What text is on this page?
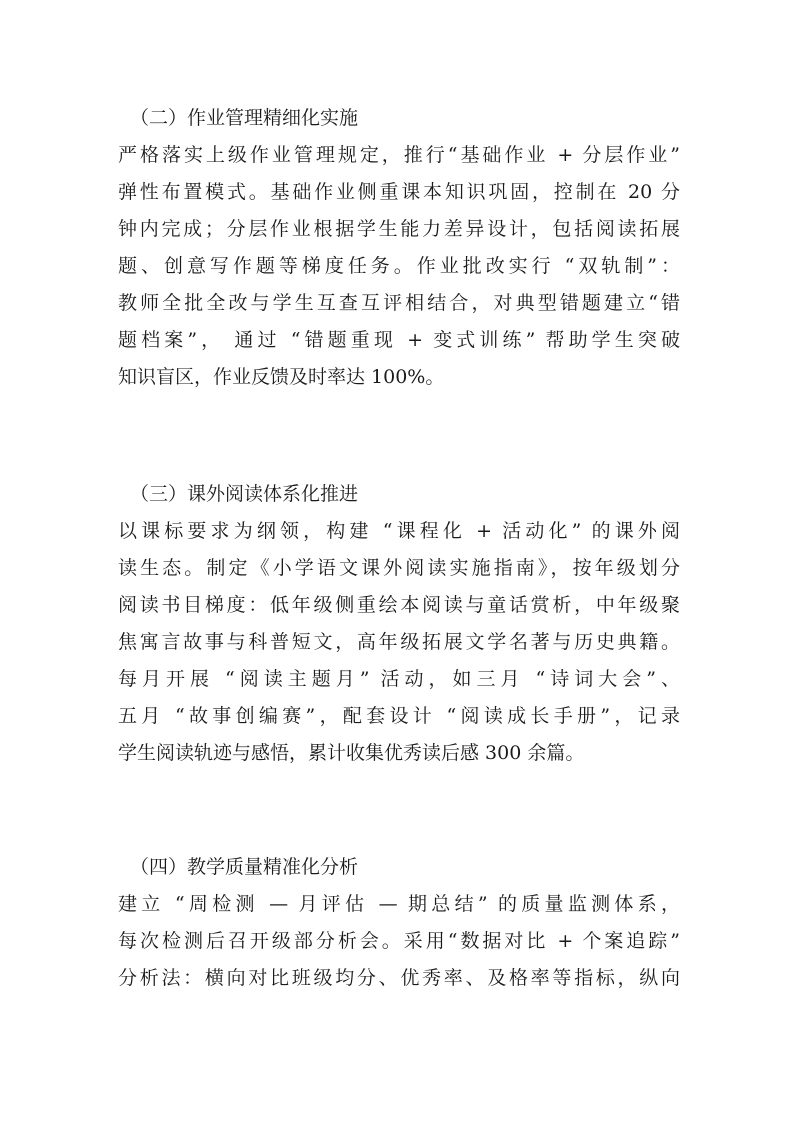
（二）作业管理精细化实施
严格落实上级作业管理规定，推行“基础作业 + 分层作业”
弹性布置模式。基础作业侧重课本知识巩固，控制在 20 分
钟内完成；分层作业根据学生能力差异设计，包括阅读拓展
题、创意写作题等梯度任务。作业批改实行 “双轨制”：
教师全批全改与学生互查互评相结合，对典型错题建立“错
题档案”， 通过 “错题重现 + 变式训练” 帮助学生突破
知识盲区，作业反馈及时率达 100%。
（三）课外阅读体系化推进
以课标要求为纲领，构建 “课程化 + 活动化” 的课外阅
读生态。制定《小学语文课外阅读实施指南》，按年级划分
阅读书目梯度：低年级侧重绘本阅读与童话赏析，中年级聚
焦寓言故事与科普短文，高年级拓展文学名著与历史典籍。
每月开展 “阅读主题月” 活动，如三月 “诗词大会”、
五月 “故事创编赛”，配套设计 “阅读成长手册”，记录
学生阅读轨迹与感悟，累计收集优秀读后感 300 余篇。
（四）教学质量精准化分析
建立 “周检测 — 月评估 — 期总结” 的质量监测体系，
每次检测后召开级部分析会。采用“数据对比 + 个案追踪”
分析法：横向对比班级均分、优秀率、及格率等指标，纵向
